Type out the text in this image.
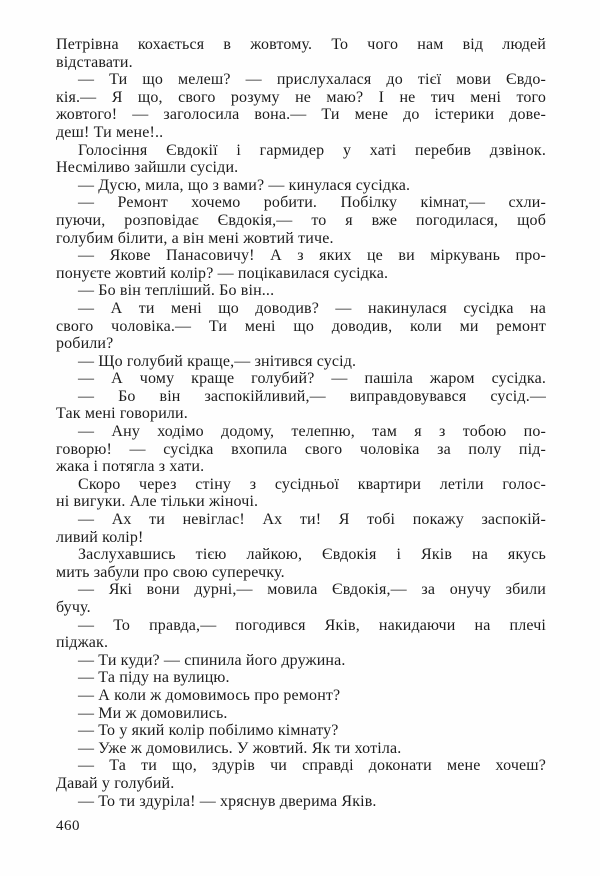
Петрівна кохається в жовтому. То чого нам від людей
відставати.
— Ти що мелеш? — прислухалася до тієї мови Євдо-
кія.— Я що, свого розуму не маю? І не тич мені того
жовтого! — заголосила вона.— Ти мене до істерики дове-
деш! Ти мене!..
Голосіння Євдокії і гармидер у хаті перебив дзвінок.
Несміливо зайшли сусіди.
— Дусю, мила, що з вами? — кинулася сусідка.
— Ремонт хочемо робити. Побілку кімнат,— схли-
пуючи, розповідає Євдокія,— то я вже погодилася, щоб
голубим білити, а він мені жовтий тиче.
— Якове Панасовичу! А з яких це ви міркувань про-
понуєте жовтий колір? — поцікавилася сусідка.
— Бо він тепліший. Бо він...
— А ти мені що доводив? — накинулася сусідка на
свого чоловіка.— Ти мені що доводив, коли ми ремонт
робили?
— Що голубий краще,— знітився сусід.
— А чому краще голубий? — пашіла жаром сусідка.
— Бо він заспокійливий,— виправдовувався сусід.—
Так мені говорили.
— Ану ходімо додому, телепню, там я з тобою по-
говорю! — сусідка вхопила свого чоловіка за полу під-
жака і потягла з хати.
Скоро через стіну з сусідньої квартири летіли голос-
ні вигуки. Але тільки жіночі.
— Ах ти невіглас! Ах ти! Я тобі покажу заспокій-
ливий колір!
Заслухавшись тією лайкою, Євдокія і Яків на якусь
мить забули про свою суперечку.
— Які вони дурні,— мовила Євдокія,— за онучу збили
бучу.
— То правда,— погодився Яків, накидаючи на плечі
піджак.
— Ти куди? — спинила його дружина.
— Та піду на вулицю.
— А коли ж домовимось про ремонт?
— Ми ж домовились.
— То у який колір побілимо кімнату?
— Уже ж домовились. У жовтий. Як ти хотіла.
— Та ти що, здурів чи справді доконати мене хочеш?
Давай у голубий.
— То ти здуріла! — хряснув дверима Яків.
460
